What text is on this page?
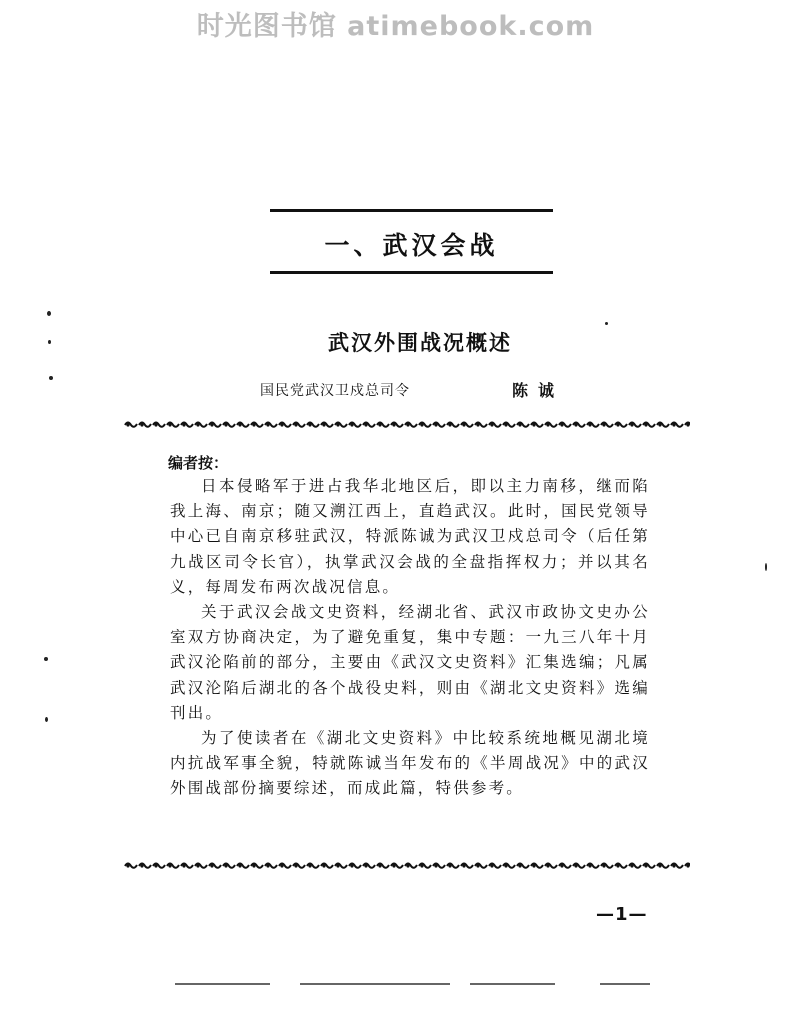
时光图书馆 atimebook.com
一、武汉会战
武汉外围战况概述
国民党武汉卫戍总司令	陈诚
编者按：

日本侵略军于进占我华北地区后，即以主力南移，继而陷我上海、南京；随又溯江西上，直趋武汉。此时，国民党领导中心已自南京移驻武汉，特派陈诚为武汉卫戍总司令（后任第九战区司令长官），执掌武汉会战的全盘指挥权力；并以其名义，每周发布两次战况信息。

关于武汉会战文史资料，经湖北省、武汉市政协文史办公室双方协商决定，为了避免重复，集中专题：一九三八年十月武汉沦陷前的部分，主要由《武汉文史资料》汇集选编；凡属武汉沦陷后湖北的各个战役史料，则由《湖北文史资料》选编刊出。

为了使读者在《湖北文史资料》中比较系统地概见湖北境内抗战军事全貌，特就陈诚当年发布的《半周战况》中的武汉外围战部份摘要综述，而成此篇，特供参考。

—1—
